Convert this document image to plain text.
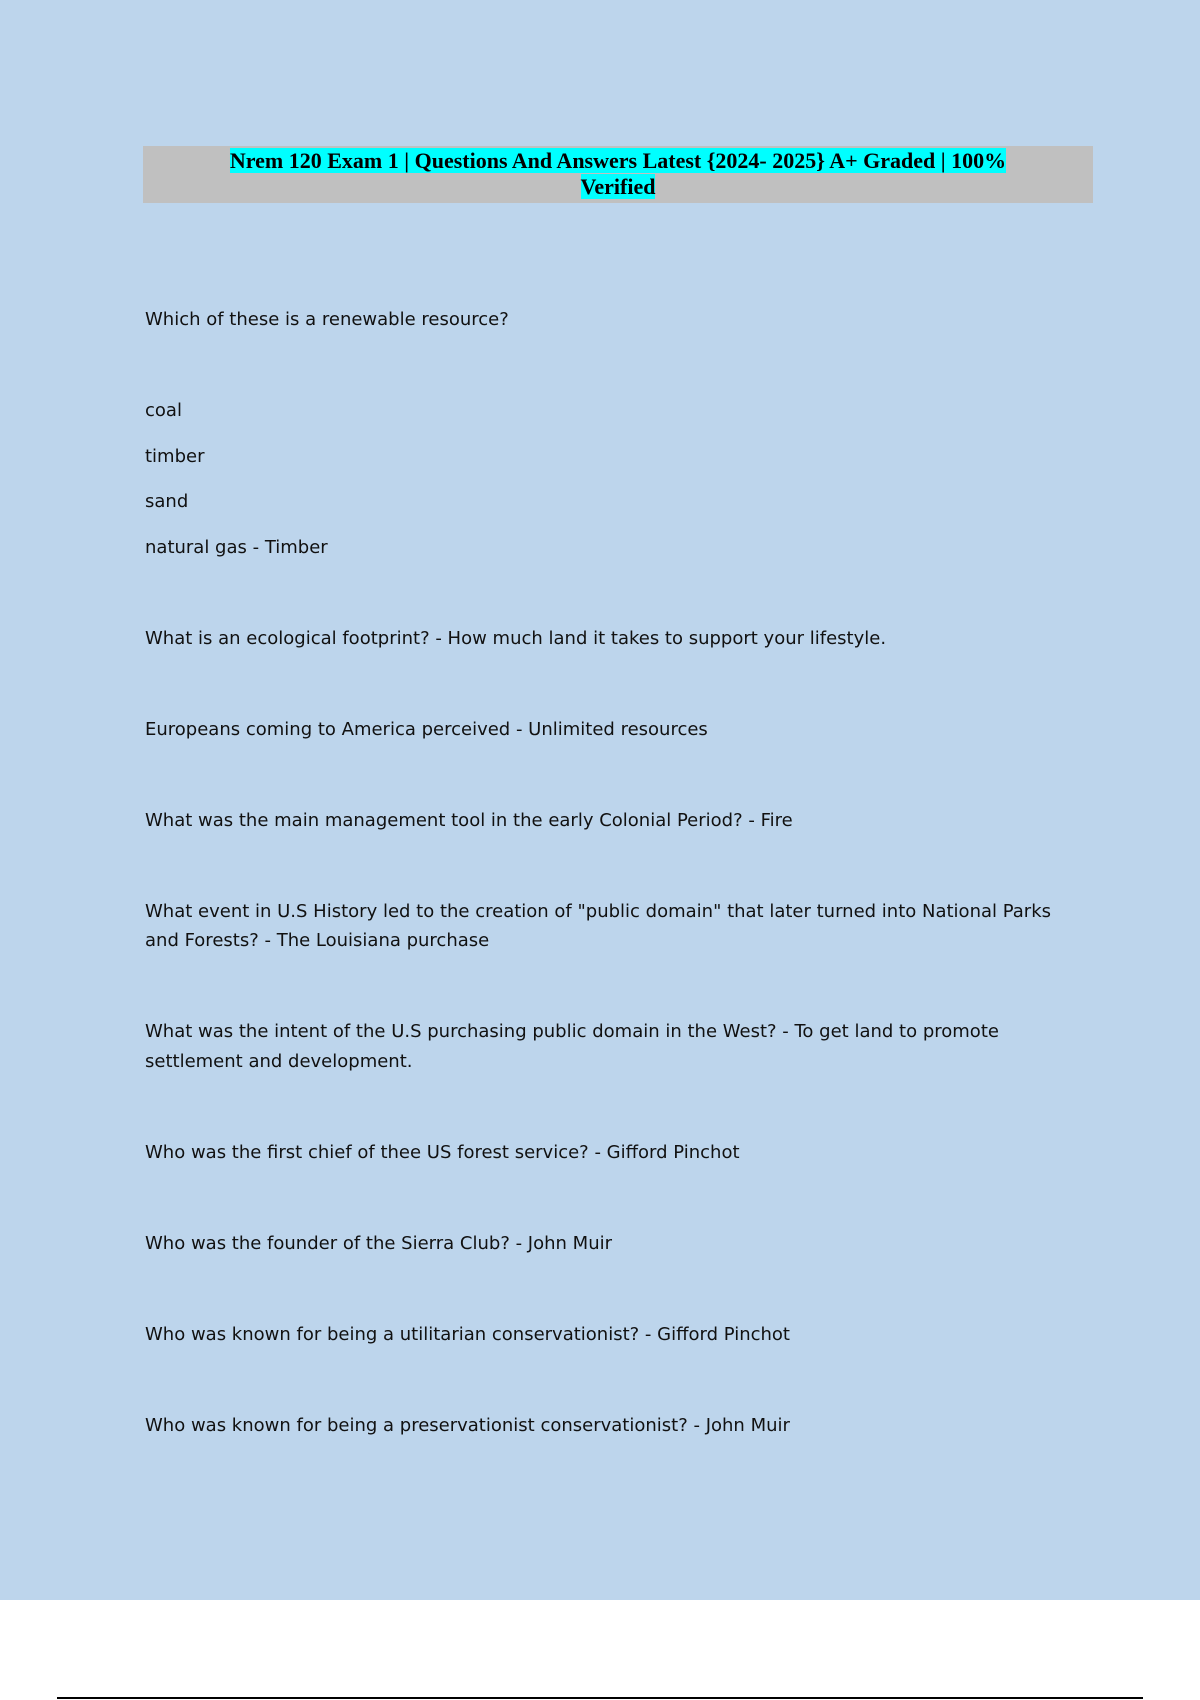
Nrem 120 Exam 1 | Questions And Answers Latest {2024- 2025} A+ Graded | 100%
Verified
Which of these is a renewable resource?
coal
timber
sand
natural gas - Timber
What is an ecological footprint? - How much land it takes to support your lifestyle.
Europeans coming to America perceived - Unlimited resources
What was the main management tool in the early Colonial Period? - Fire
What event in U.S History led to the creation of "public domain" that later turned into National Parks
and Forests? - The Louisiana purchase
What was the intent of the U.S purchasing public domain in the West? - To get land to promote
settlement and development.
Who was the first chief of thee US forest service? - Gifford Pinchot
Who was the founder of the Sierra Club? - John Muir
Who was known for being a utilitarian conservationist? - Gifford Pinchot
Who was known for being a preservationist conservationist? - John Muir
